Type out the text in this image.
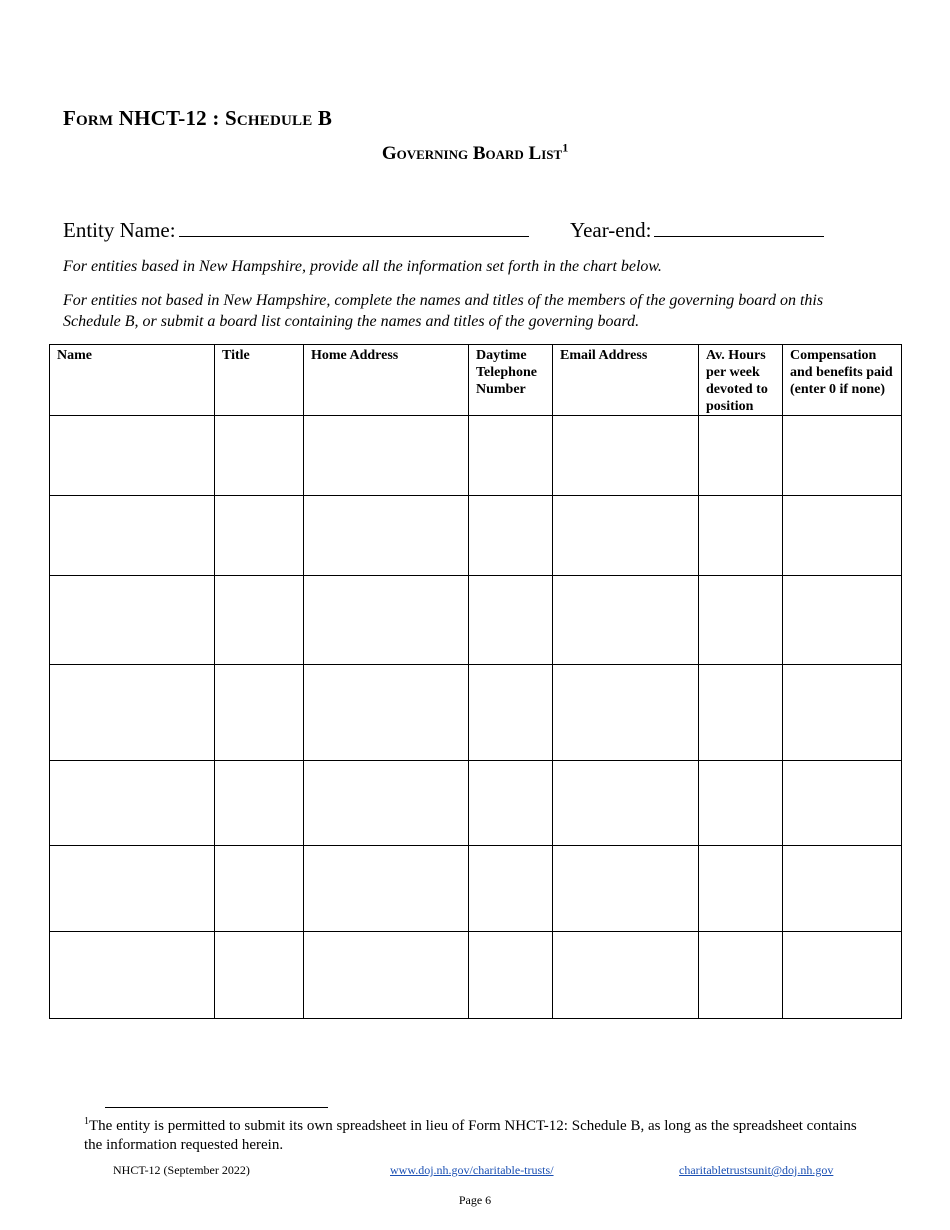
Form NHCT-12 : Schedule B
Governing Board List$^1$
Entity Name:	Year-end:
For entities based in New Hampshire, provide all the information set forth in the chart below.
For entities not based in New Hampshire, complete the names and titles of the members of the governing board on this Schedule B, or submit a board list containing the names and titles of the governing board.
Name	Title	Home Address	Daytime Telephone Number	Email Address	Av. Hours per week devoted to position	Compensation and benefits paid (enter 0 if none)

$^1$The entity is permitted to submit its own spreadsheet in lieu of Form NHCT-12: Schedule B, as long as the spreadsheet contains the information requested herein.
NHCT-12 (September 2022)	www.doj.nh.gov/charitable-trusts/	charitabletrustsunit@doj.nh.gov
Page 6
